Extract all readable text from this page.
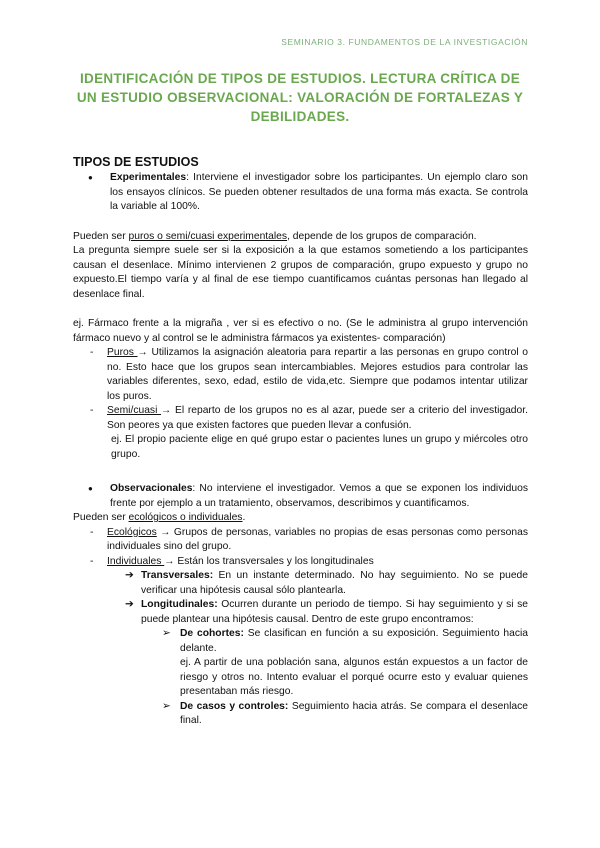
SEMINARIO 3. FUNDAMENTOS DE LA INVESTIGACIÓN
IDENTIFICACIÓN DE TIPOS DE ESTUDIOS. LECTURA CRÍTICA DE UN ESTUDIO OBSERVACIONAL: VALORACIÓN DE FORTALEZAS Y DEBILIDADES.
TIPOS DE ESTUDIOS
●	Experimentales: Interviene el investigador sobre los participantes. Un ejemplo claro son los ensayos clínicos. Se pueden obtener resultados de una forma más exacta. Se controla la variable al 100%.

Pueden ser puros o semi/cuasi experimentales, depende de los grupos de comparación.

La pregunta siempre suele ser si la exposición a la que estamos sometiendo a los participantes causan el desenlace. Mínimo intervienen 2 grupos de comparación, grupo expuesto y grupo no expuesto.El tiempo varía y al final de ese tiempo cuantificamos cuántas personas han llegado al desenlace final.

ej. Fármaco frente a la migraña , ver si es efectivo o no. (Se le administra al grupo intervención fármaco nuevo y al control se le administra fármacos ya existentes- comparación)

-	Puros → Utilizamos la asignación aleatoria para repartir a las personas en grupo control o no. Esto hace que los grupos sean intercambiables. Mejores estudios para controlar las variables diferentes, sexo, edad, estilo de vida,etc. Siempre que podamos intentar utilizar los puros.
-	Semi/cuasi → El reparto de los grupos no es al azar, puede ser a criterio del investigador. Son peores ya que existen factores que pueden llevar a confusión.

ej. El propio paciente elige en qué grupo estar o pacientes lunes un grupo y miércoles otro grupo.

●	Observacionales: No interviene el investigador. Vemos a que se exponen los individuos frente por ejemplo a un tratamiento, observamos, describimos y cuantificamos.

Pueden ser ecológicos o individuales.

-	Ecológicos → Grupos de personas, variables no propias de esas personas como personas individuales sino del grupo.
-	Individuales → Están los transversales y los longitudinales
➔ Transversales: En un instante determinado. No hay seguimiento. No se puede verificar una hipótesis causal sólo plantearla.
➔ Longitudinales: Ocurren durante un periodo de tiempo. Si hay seguimiento y si se puede plantear una hipótesis causal. Dentro de este grupo encontramos:
➢ De cohortes: Se clasifican en función a su exposición. Seguimiento hacia delante.

ej. A partir de una población sana, algunos están expuestos a un factor de riesgo y otros no. Intento evaluar el porqué ocurre esto y evaluar quienes presentaban más riesgo.

➢ De casos y controles: Seguimiento hacia atrás. Se compara el desenlace final.
